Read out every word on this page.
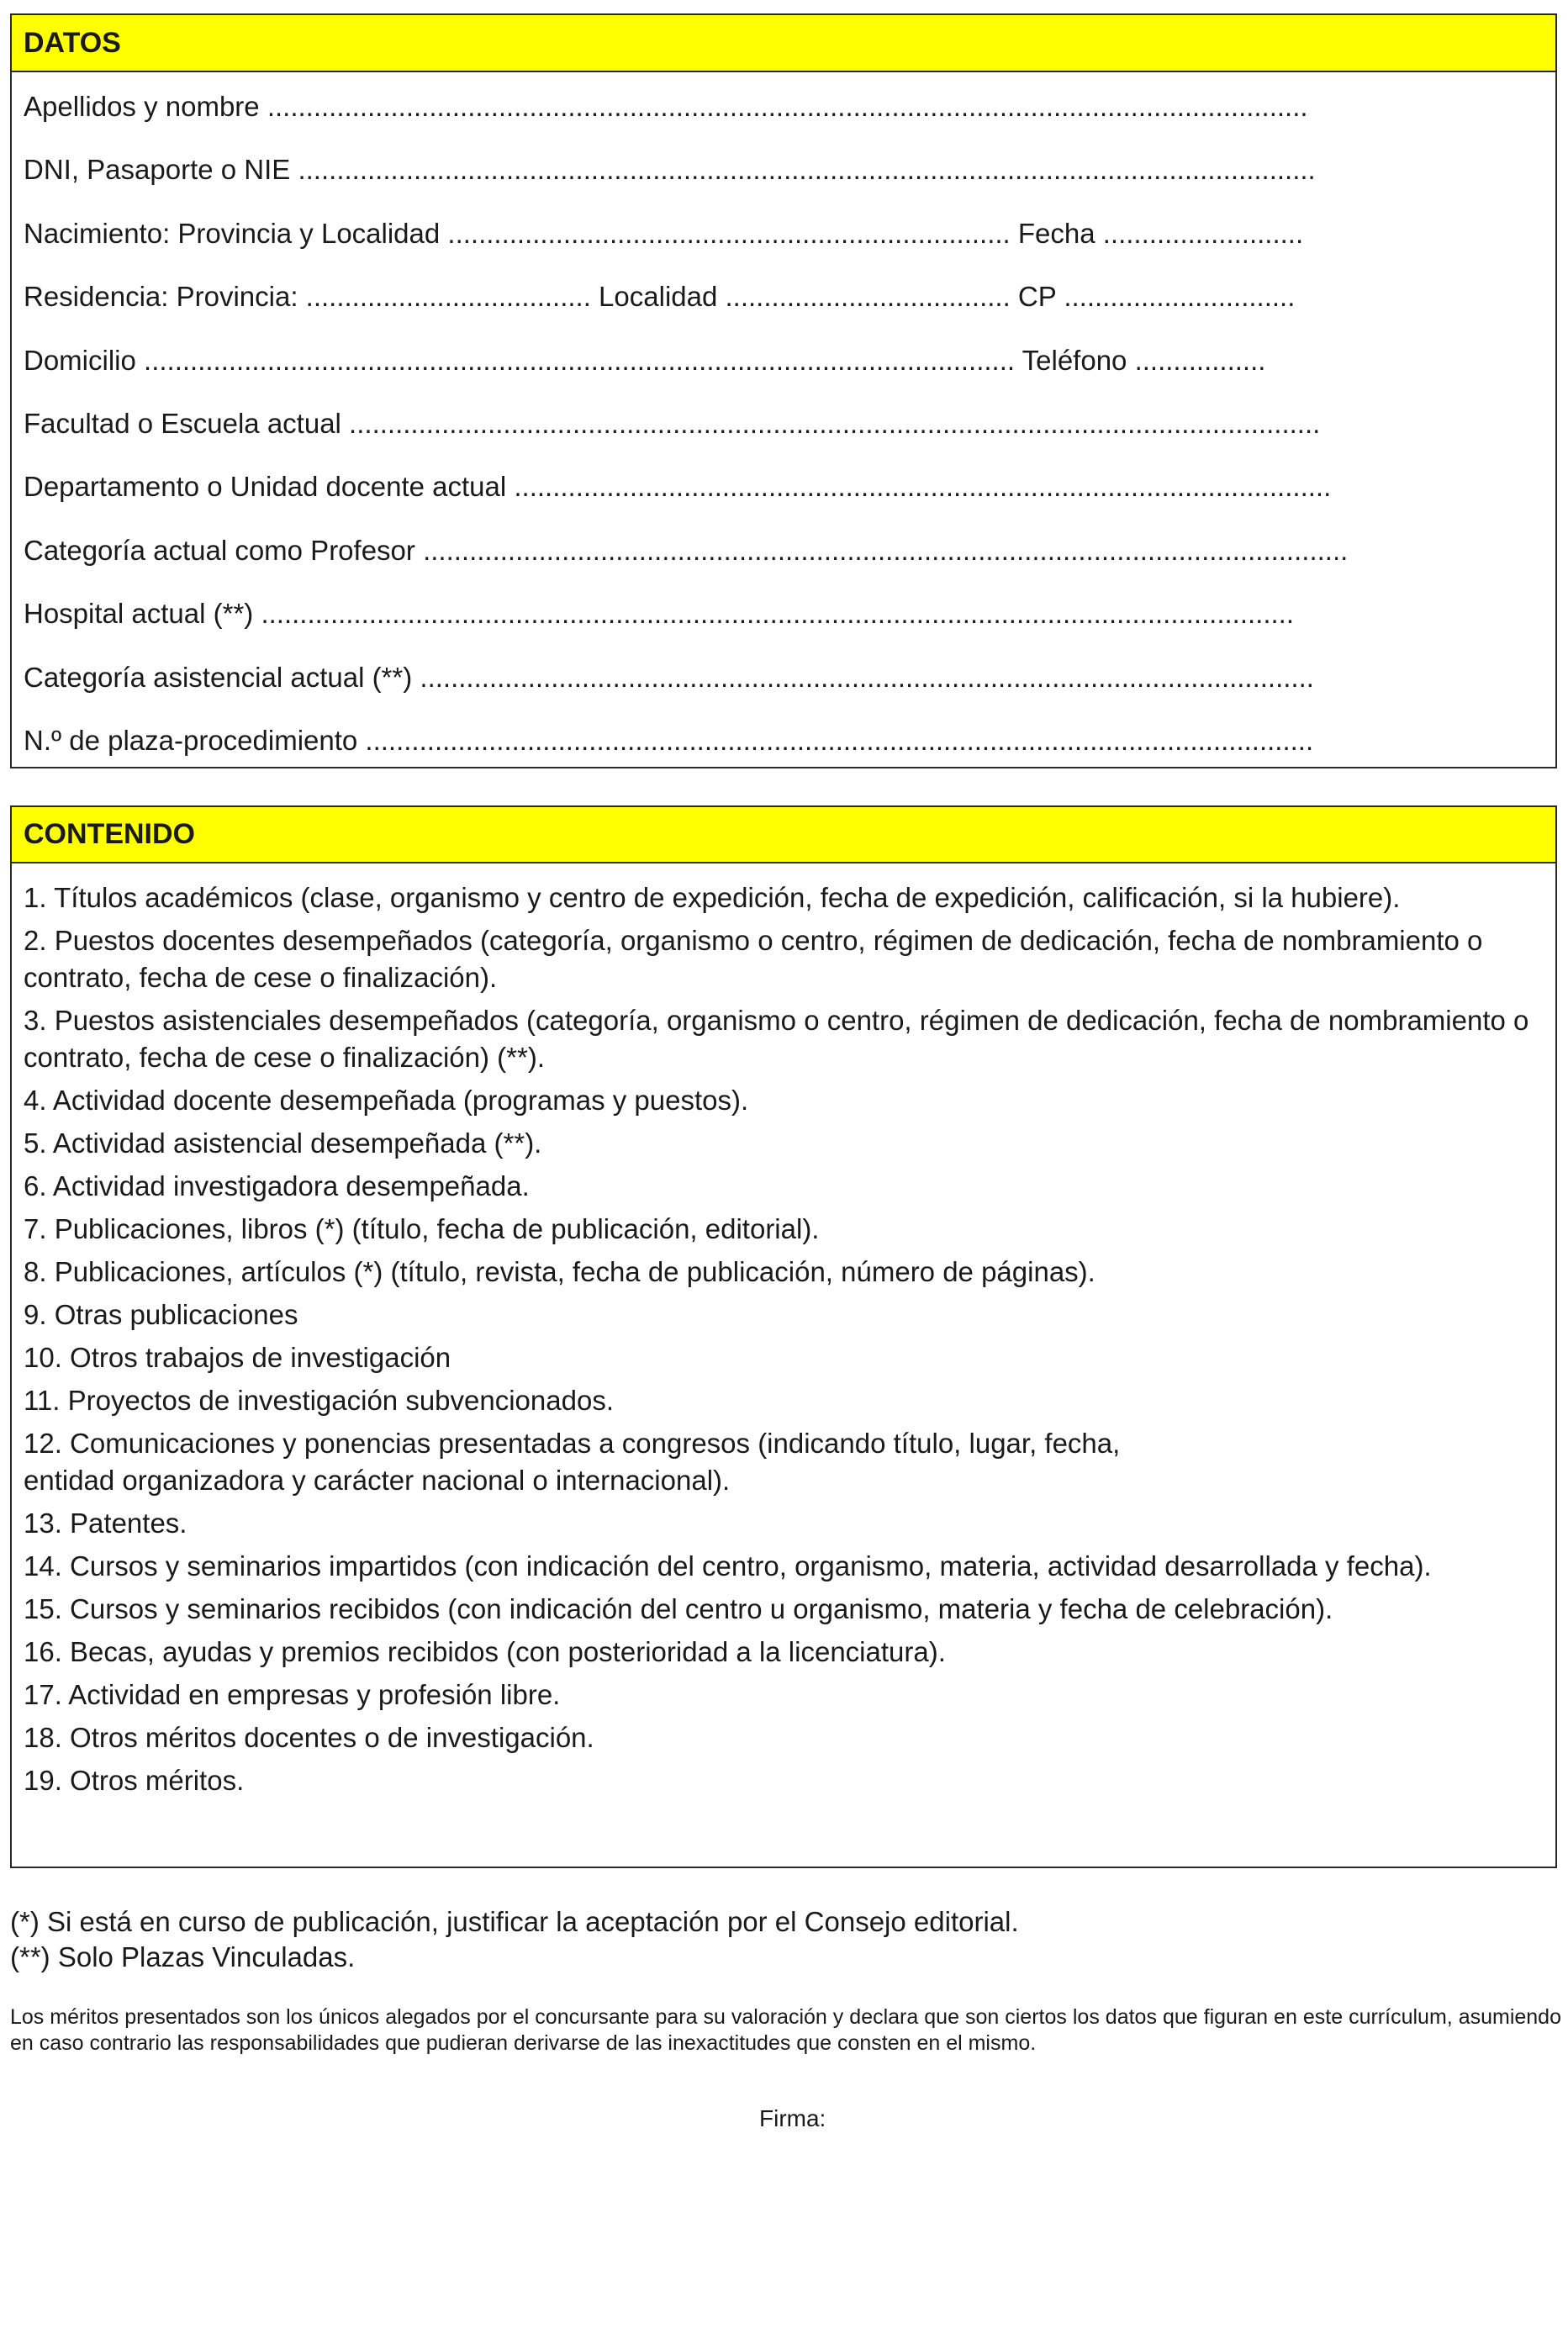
DATOS
Apellidos y nombre .......................................................................................................................................
DNI, Pasaporte o NIE ....................................................................................................................................
Nacimiento: Provincia y Localidad ......................................................................... Fecha ..........................
Residencia: Provincia: ..................................... Localidad ..................................... CP ..............................
Domicilio ................................................................................................................. Teléfono .................
Facultad o Escuela actual ..............................................................................................................................
Departamento o Unidad docente actual ..........................................................................................................
Categoría actual como Profesor ........................................................................................................................
Hospital actual (**) ......................................................................................................................................
Categoría asistencial actual (**) ....................................................................................................................
N.º de plaza-procedimiento ...........................................................................................................................
CONTENIDO
1. Títulos académicos (clase, organismo y centro de expedición, fecha de expedición, calificación, si la hubiere).
2. Puestos docentes desempeñados (categoría, organismo o centro, régimen de dedicación, fecha de nombramiento o contrato, fecha de cese o finalización).
3. Puestos asistenciales desempeñados (categoría, organismo o centro, régimen de dedicación, fecha de nombramiento o contrato, fecha de cese o finalización) (**).
4. Actividad docente desempeñada (programas y puestos).
5. Actividad asistencial desempeñada (**).
6. Actividad investigadora desempeñada.
7. Publicaciones, libros (*) (título, fecha de publicación, editorial).
8. Publicaciones, artículos (*) (título, revista, fecha de publicación, número de páginas).
9. Otras publicaciones
10. Otros trabajos de investigación
11. Proyectos de investigación subvencionados.
12. Comunicaciones y ponencias presentadas a congresos (indicando título, lugar, fecha,
entidad organizadora y carácter nacional o internacional).
13. Patentes.
14. Cursos y seminarios impartidos (con indicación del centro, organismo, materia, actividad desarrollada y fecha).
15. Cursos y seminarios recibidos (con indicación del centro u organismo, materia y fecha de celebración).
16. Becas, ayudas y premios recibidos (con posterioridad a la licenciatura).
17. Actividad en empresas y profesión libre.
18. Otros méritos docentes o de investigación.
19. Otros méritos.
(*) Si está en curso de publicación, justificar la aceptación por el Consejo editorial.
(**) Solo Plazas Vinculadas.
Los méritos presentados son los únicos alegados por el concursante para su valoración y declara que son ciertos los datos que figuran en este currículum, asumiendo en caso contrario las responsabilidades que pudieran derivarse de las inexactitudes que consten en el mismo.
Firma:
